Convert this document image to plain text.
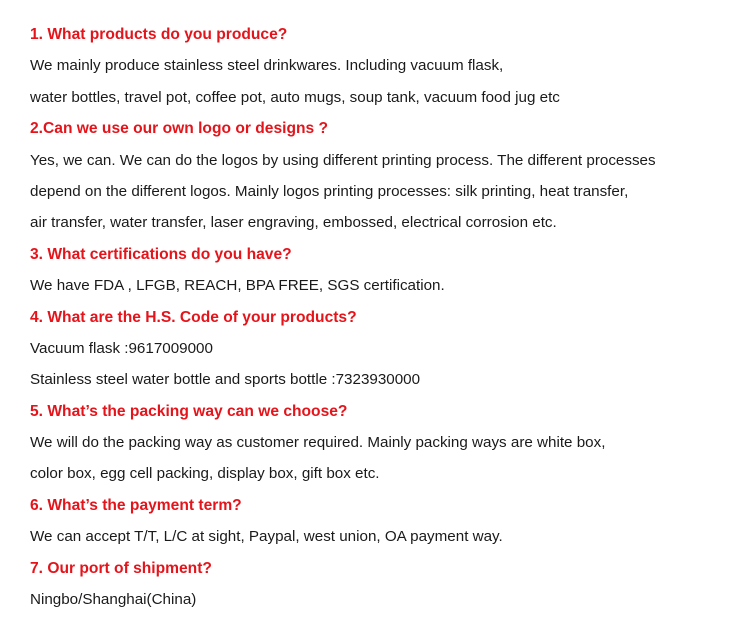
1. What products do you produce?
We mainly produce stainless steel drinkwares. Including vacuum flask,
water bottles, travel pot, coffee pot, auto mugs, soup tank, vacuum food jug etc
2.Can we use our own logo or designs ?
Yes, we can. We can do the logos by using different printing process. The different processes
depend on the different logos. Mainly logos printing processes: silk printing, heat transfer,
air transfer, water transfer, laser engraving, embossed, electrical corrosion etc.
3. What certifications do you have?
We have FDA , LFGB, REACH, BPA FREE, SGS certification.
4. What are the H.S. Code of your products?
Vacuum flask :9617009000
Stainless steel water bottle and sports bottle :7323930000
5. What’s the packing way can we choose?
We will do the packing way as customer required. Mainly packing ways are white box,
color box, egg cell packing, display box, gift box etc.
6. What’s the payment term?
We can accept T/T, L/C at sight, Paypal, west union, OA payment way.
7. Our port of shipment?
Ningbo/Shanghai(China)
